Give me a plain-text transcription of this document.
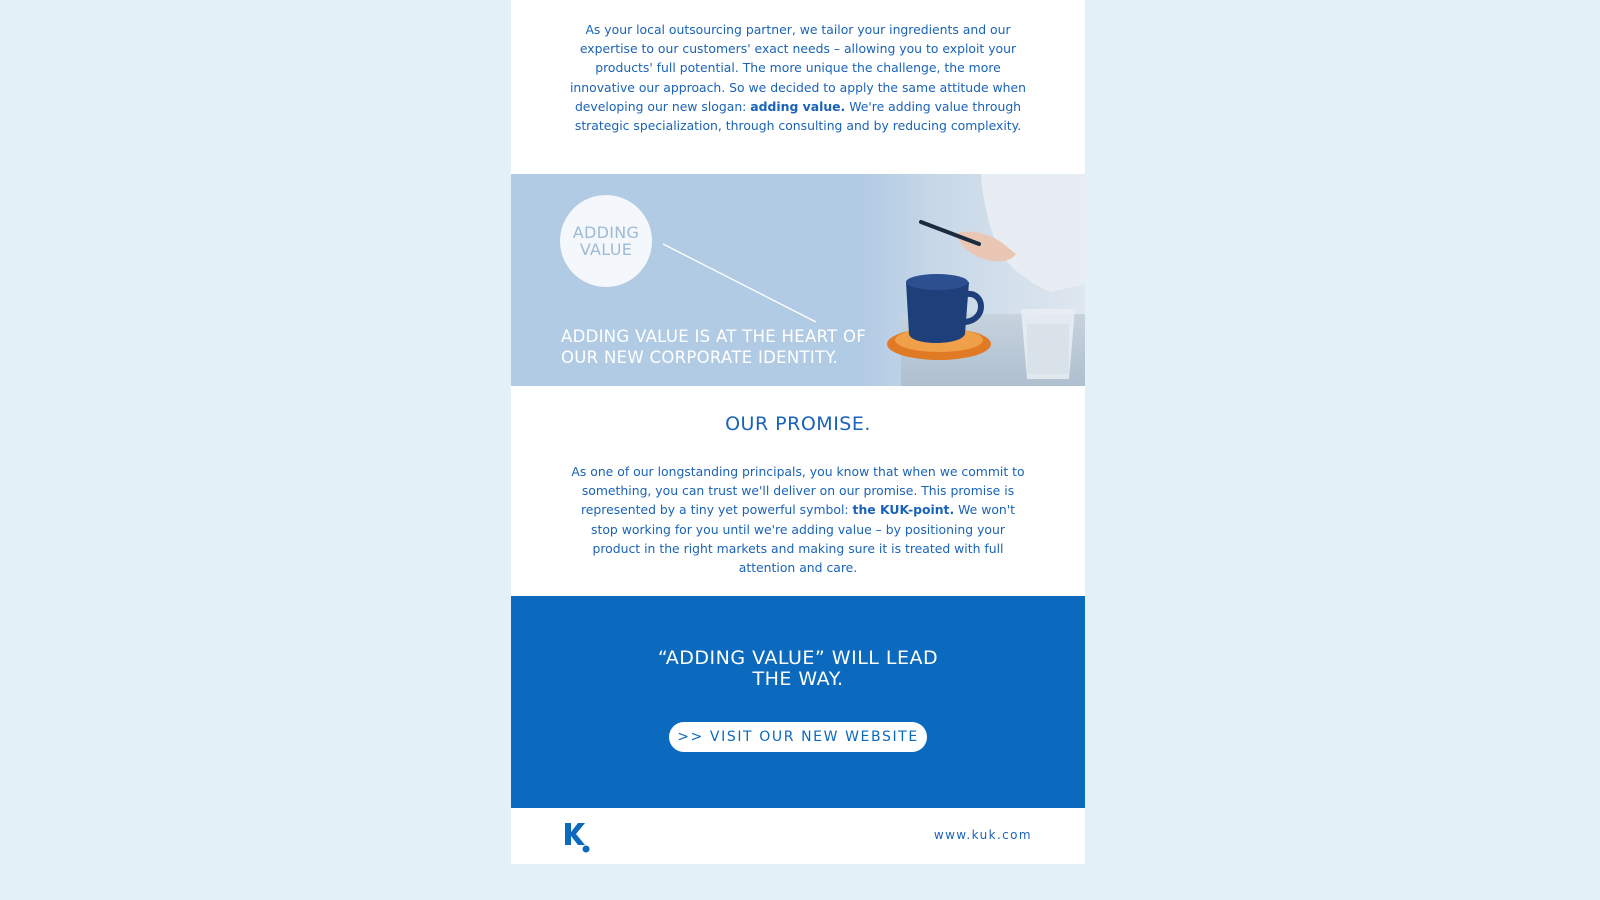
As your local outsourcing partner, we tailor your ingredients and our expertise to our customers' exact needs – allowing you to exploit your products' full potential. The more unique the challenge, the more innovative our approach. So we decided to apply the same attitude when developing our new slogan: adding value. We're adding value through strategic specialization, through consulting and by reducing complexity.

ADDING
VALUE
ADDING VALUE IS AT THE HEART OF
OUR NEW CORPORATE IDENTITY.
OUR PROMISE.

As one of our longstanding principals, you know that when we commit to something, you can trust we'll deliver on our promise. This promise is represented by a tiny yet powerful symbol: the KUK-point. We won't stop working for you until we're adding value – by positioning your product in the right markets and making sure it is treated with full attention and care.

“ADDING VALUE” WILL LEAD
THE WAY.
>> VISIT OUR NEW WEBSITE
www.kuk.com
